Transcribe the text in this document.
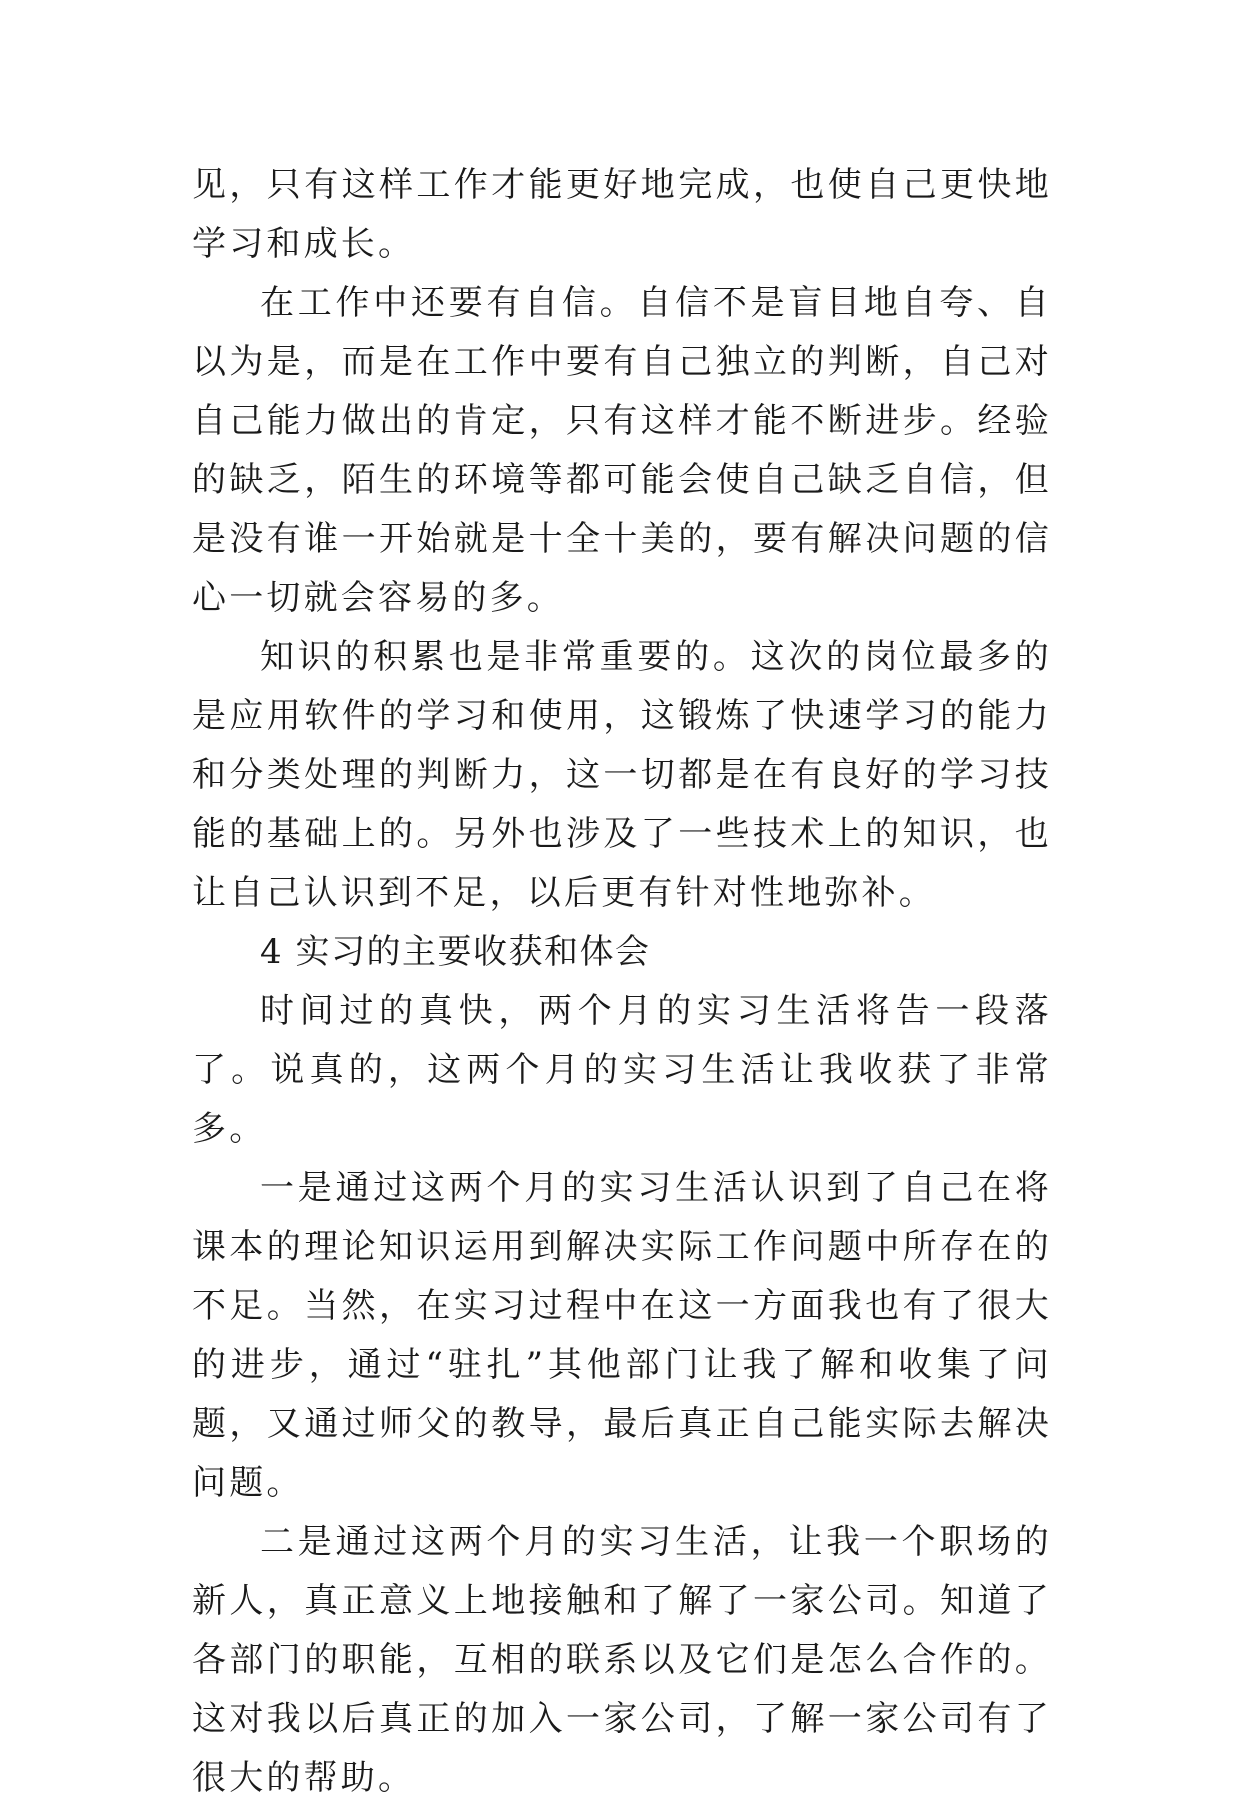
见，只有这样工作才能更好地完成，也使自己更快地学习和成长。

在工作中还要有自信。自信不是盲目地自夸、自以为是，而是在工作中要有自己独立的判断，自己对自己能力做出的肯定，只有这样才能不断进步。经验的缺乏，陌生的环境等都可能会使自己缺乏自信，但是没有谁一开始就是十全十美的，要有解决问题的信心一切就会容易的多。

知识的积累也是非常重要的。这次的岗位最多的是应用软件的学习和使用，这锻炼了快速学习的能力和分类处理的判断力，这一切都是在有良好的学习技能的基础上的。另外也涉及了一些技术上的知识，也让自己认识到不足，以后更有针对性地弥补。

4 实习的主要收获和体会

时间过的真快，两个月的实习生活将告一段落了。说真的，这两个月的实习生活让我收获了非常多。

一是通过这两个月的实习生活认识到了自己在将课本的理论知识运用到解决实际工作问题中所存在的不足。当然，在实习过程中在这一方面我也有了很大的进步，通过“驻扎”其他部门让我了解和收集了问题，又通过师父的教导，最后真正自己能实际去解决问题。

二是通过这两个月的实习生活，让我一个职场的新人，真正意义上地接触和了解了一家公司。知道了各部门的职能，互相的联系以及它们是怎么合作的。这对我以后真正的加入一家公司，了解一家公司有了很大的帮助。
